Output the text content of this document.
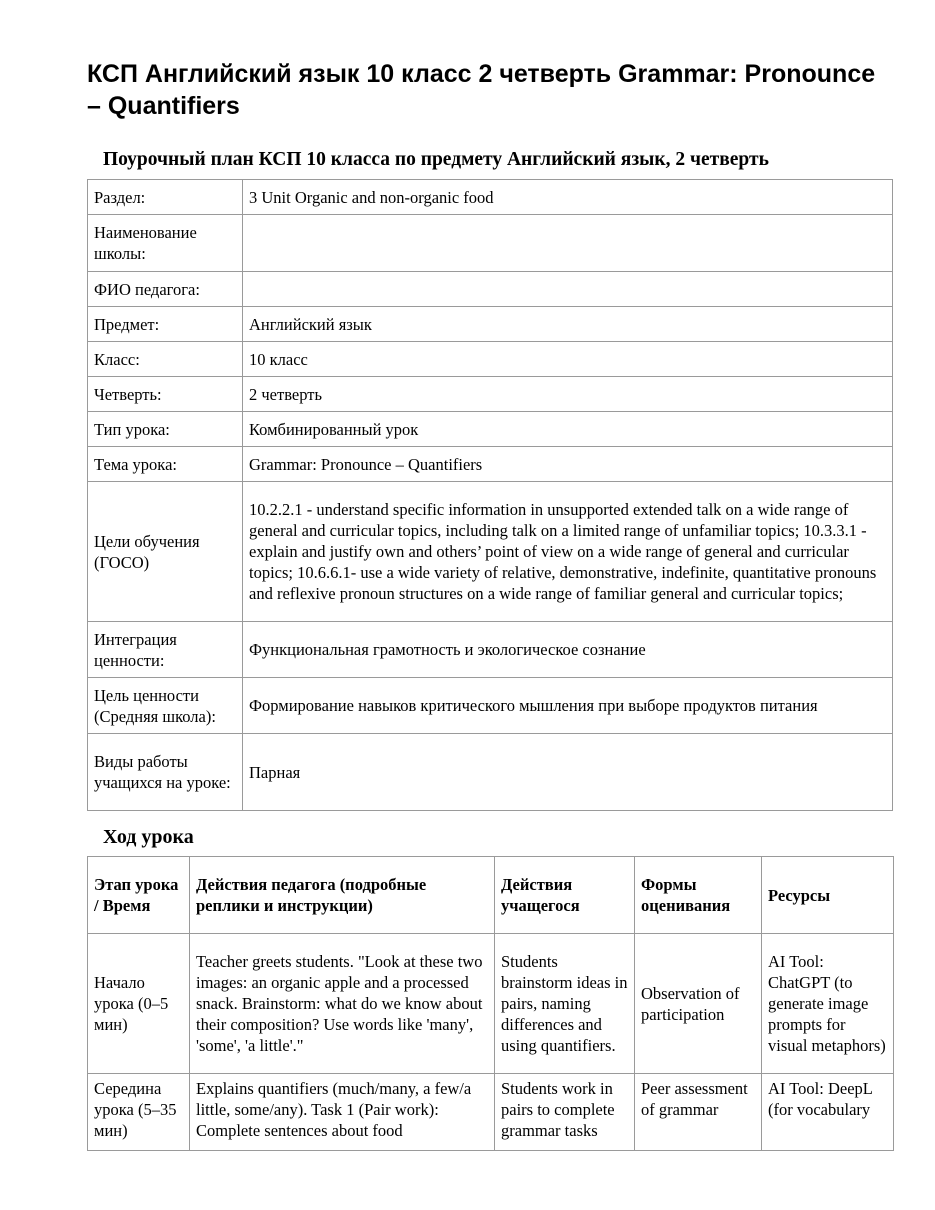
КСП Английский язык 10 класс 2 четверть Grammar: Pronounce – Quantifiers
Поурочный план КСП 10 класса по предмету Английский язык, 2 четверть
Раздел:	3 Unit Organic and non-organic food
Наименование школы:	
ФИО педагога:	
Предмет:	Английский язык
Класс:	10 класс
Четверть:	2 четверть
Тип урока:	Комбинированный урок
Тема урока:	Grammar: Pronounce – Quantifiers
Цели обучения (ГОСО)	10.2.2.1 - understand specific information in unsupported extended talk on a wide range of general and curricular topics, including talk on a limited range of unfamiliar topics; 10.3.3.1 - explain and justify own and others’ point of view on a wide range of general and curricular topics; 10.6.6.1- use a wide variety of relative, demonstrative, indefinite, quantitative pronouns and reflexive pronoun structures on a wide range of familiar general and curricular topics;
Интеграция ценности:	Функциональная грамотность и экологическое сознание
Цель ценности (Средняя школа):	Формирование навыков критического мышления при выборе продуктов питания
Виды работы учащихся на уроке:	Парная
Ход урока
Этап урока / Время	Действия педагога (подробные реплики и инструкции)	Действия учащегося	Формы оценивания	Ресурсы
Начало урока (0–5 мин)	Teacher greets students. "Look at these two images: an organic apple and a processed snack. Brainstorm: what do we know about their composition? Use words like 'many', 'some', 'a little'."	Students brainstorm ideas in pairs, naming differences and using quantifiers.	Observation of participation	AI Tool: ChatGPT (to generate image prompts for visual metaphors)
Середина урока (5–35 мин)	Explains quantifiers (much/many, a few/a little, some/any). Task 1 (Pair work): Complete sentences about food	Students work in pairs to complete grammar tasks	Peer assessment of grammar	AI Tool: DeepL (for vocabulary
